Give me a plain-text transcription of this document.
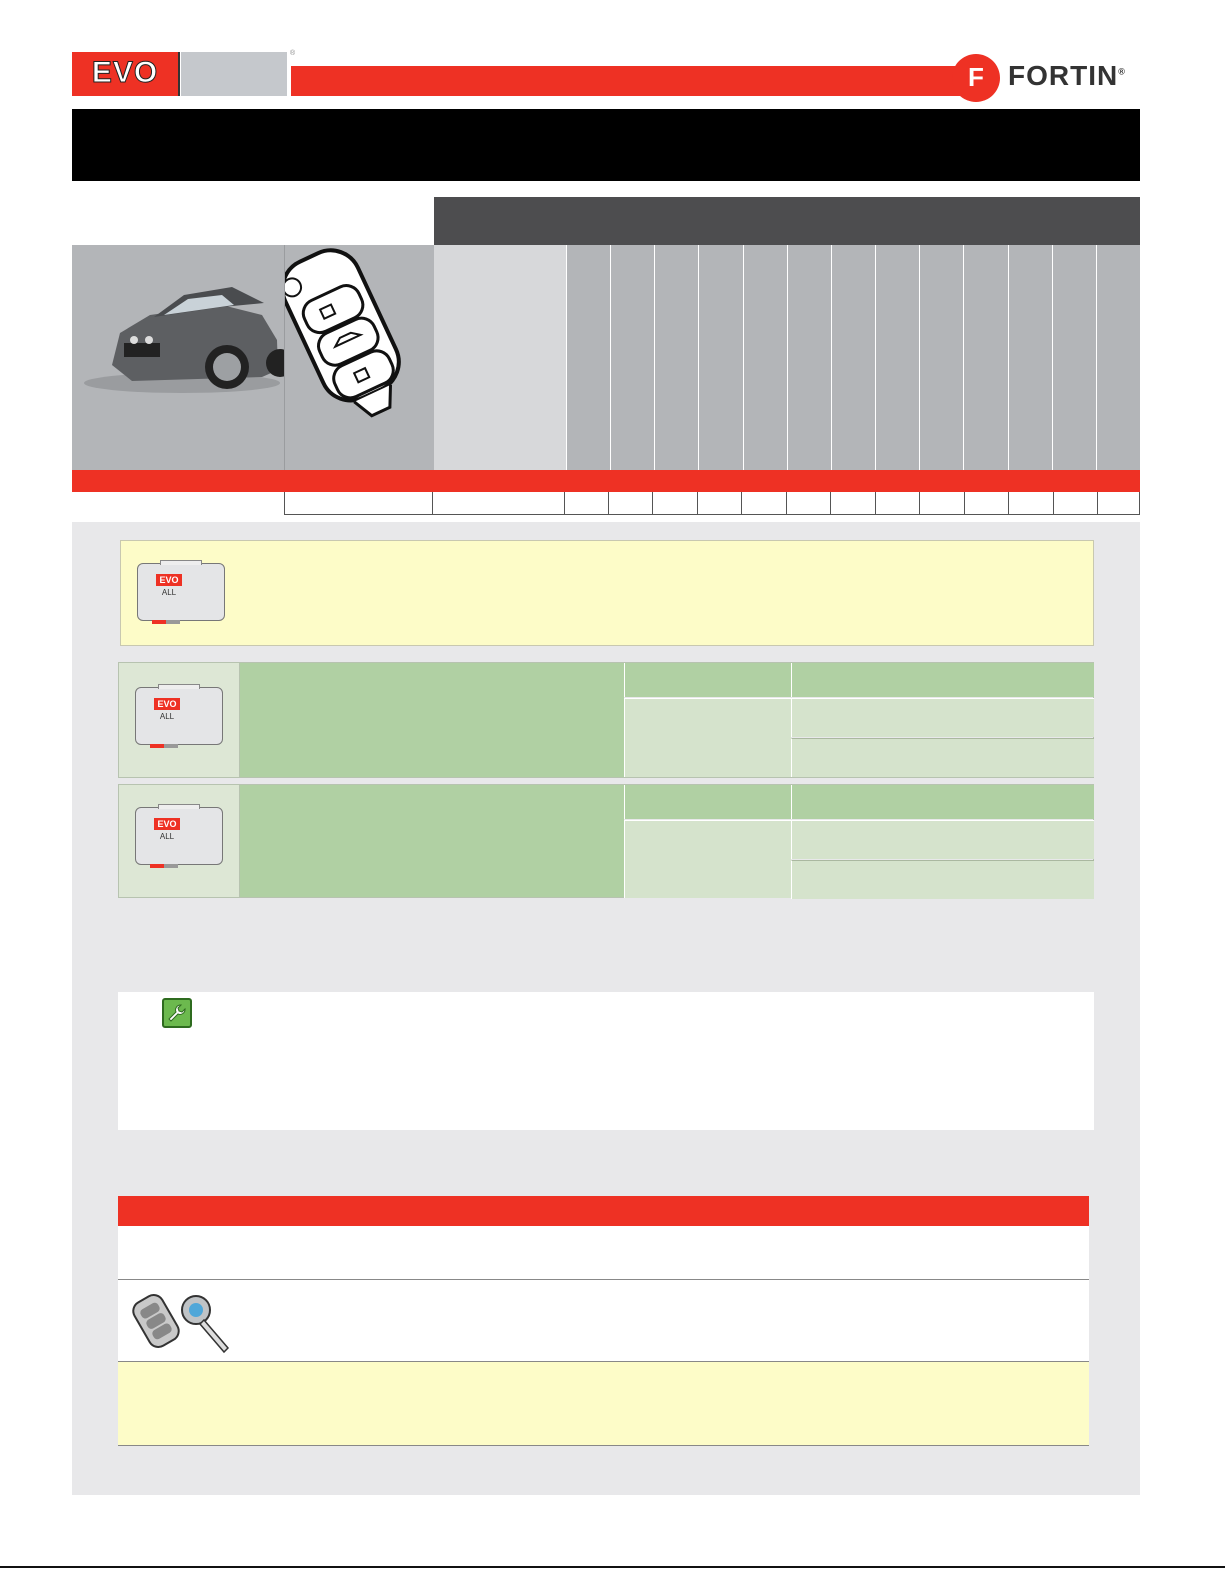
EVO
®
F FORTIN®
EVO
ALL
EVO
ALL
EVO
ALL
